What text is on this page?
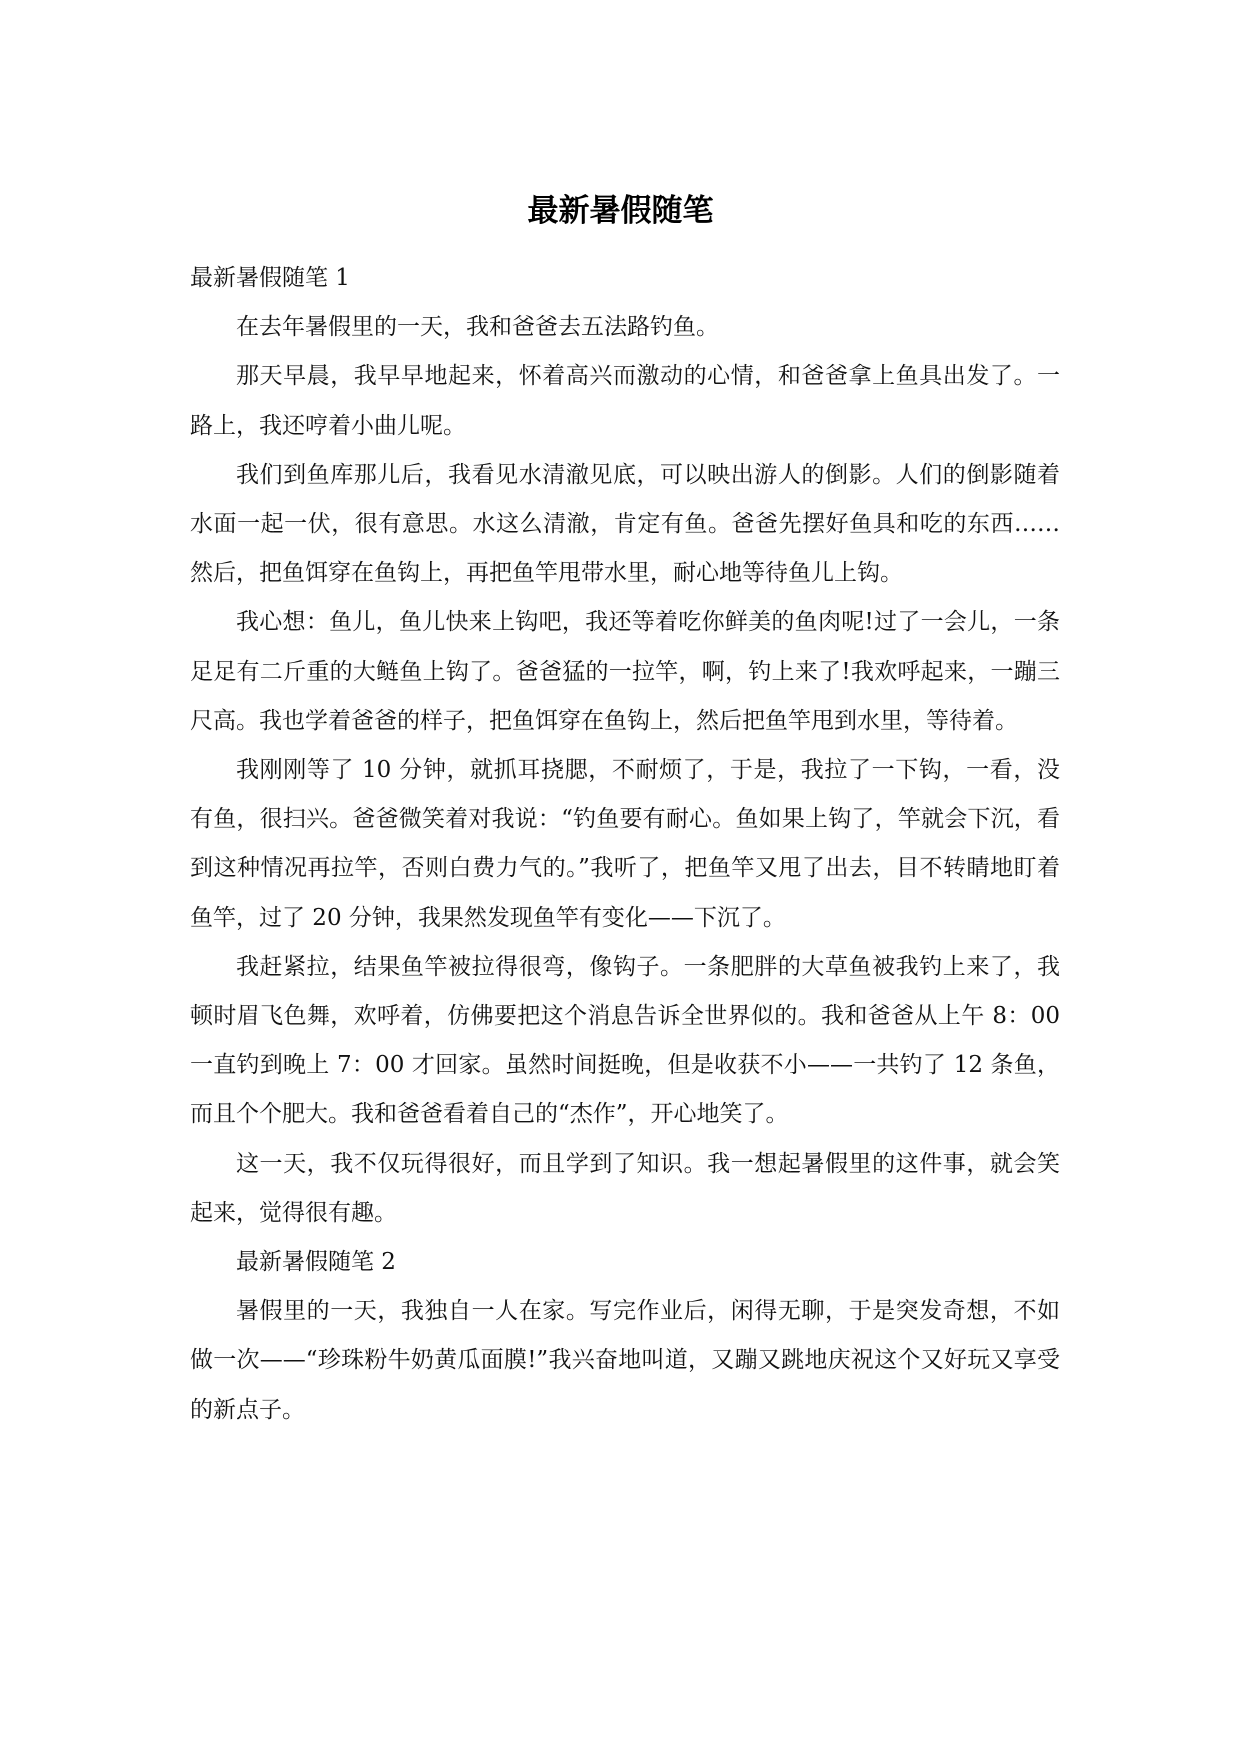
最新暑假随笔

最新暑假随笔 1

在去年暑假里的一天，我和爸爸去五法路钓鱼。

那天早晨，我早早地起来，怀着高兴而激动的心情，和爸爸拿上鱼具出发了。一路上，我还哼着小曲儿呢。

我们到鱼库那儿后，我看见水清澈见底，可以映出游人的倒影。人们的倒影随着水面一起一伏，很有意思。水这么清澈，肯定有鱼。爸爸先摆好鱼具和吃的东西……然后，把鱼饵穿在鱼钩上，再把鱼竿甩带水里，耐心地等待鱼儿上钩。

我心想：鱼儿，鱼儿快来上钩吧，我还等着吃你鲜美的鱼肉呢!过了一会儿，一条足足有二斤重的大鲢鱼上钩了。爸爸猛的一拉竿，啊，钓上来了!我欢呼起来，一蹦三尺高。我也学着爸爸的样子，把鱼饵穿在鱼钩上，然后把鱼竿甩到水里，等待着。

我刚刚等了 10 分钟，就抓耳挠腮，不耐烦了，于是，我拉了一下钩，一看，没有鱼，很扫兴。爸爸微笑着对我说：“钓鱼要有耐心。鱼如果上钩了，竿就会下沉，看到这种情况再拉竿，否则白费力气的。”我听了，把鱼竿又甩了出去，目不转睛地盯着鱼竿，过了 20 分钟，我果然发现鱼竿有变化——下沉了。

我赶紧拉，结果鱼竿被拉得很弯，像钩子。一条肥胖的大草鱼被我钓上来了，我顿时眉飞色舞，欢呼着，仿佛要把这个消息告诉全世界似的。我和爸爸从上午 8：00 一直钓到晚上 7：00 才回家。虽然时间挺晚，但是收获不小——一共钓了 12 条鱼，而且个个肥大。我和爸爸看着自己的“杰作”，开心地笑了。

这一天，我不仅玩得很好，而且学到了知识。我一想起暑假里的这件事，就会笑起来，觉得很有趣。

最新暑假随笔 2

暑假里的一天，我独自一人在家。写完作业后，闲得无聊，于是突发奇想，不如做一次——“珍珠粉牛奶黄瓜面膜!”我兴奋地叫道，又蹦又跳地庆祝这个又好玩又享受的新点子。
